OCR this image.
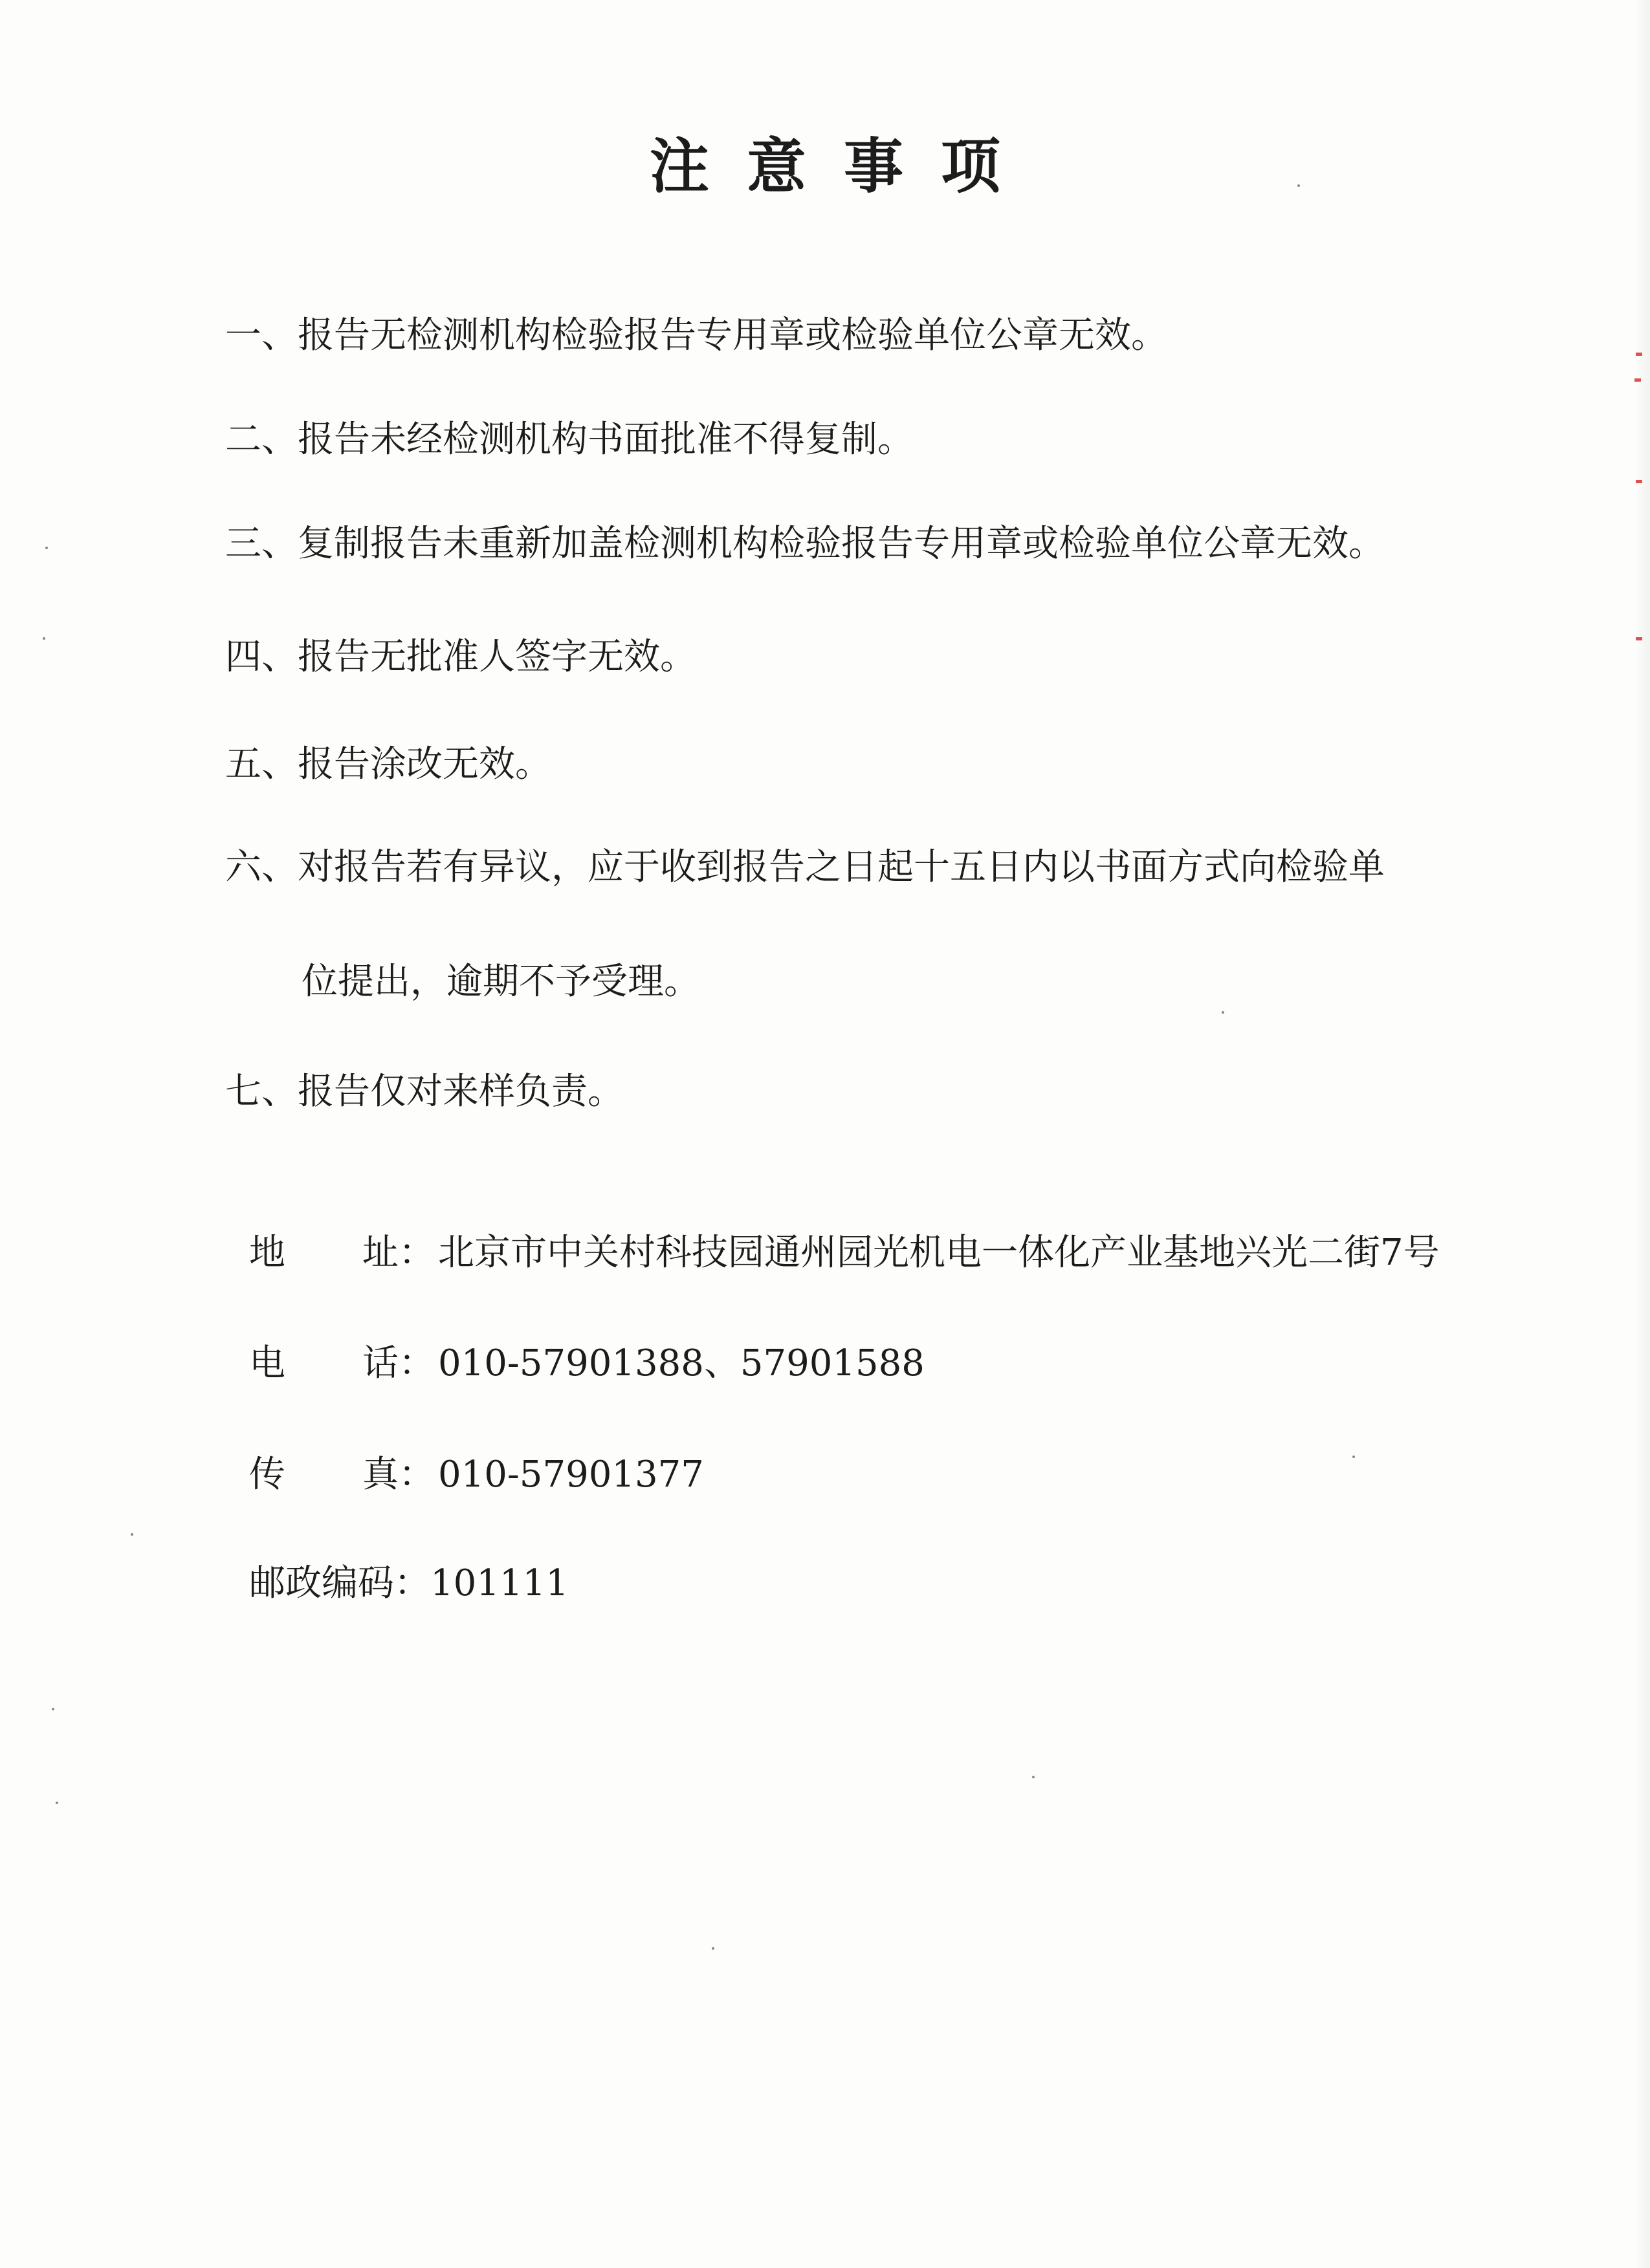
注意事项
一、报告无检测机构检验报告专用章或检验单位公章无效。
二、报告未经检测机构书面批准不得复制。
三、复制报告未重新加盖检测机构检验报告专用章或检验单位公章无效。
四、报告无批准人签字无效。
五、报告涂改无效。
六、对报告若有异议，应于收到报告之日起十五日内以书面方式向检验单
位提出，逾期不予受理。
七、报告仅对来样负责。
地 址：北京市中关村科技园通州园光机电一体化产业基地兴光二街7号
电 话：010-57901388、57901588
传 真：010-57901377
邮政编码：101111
